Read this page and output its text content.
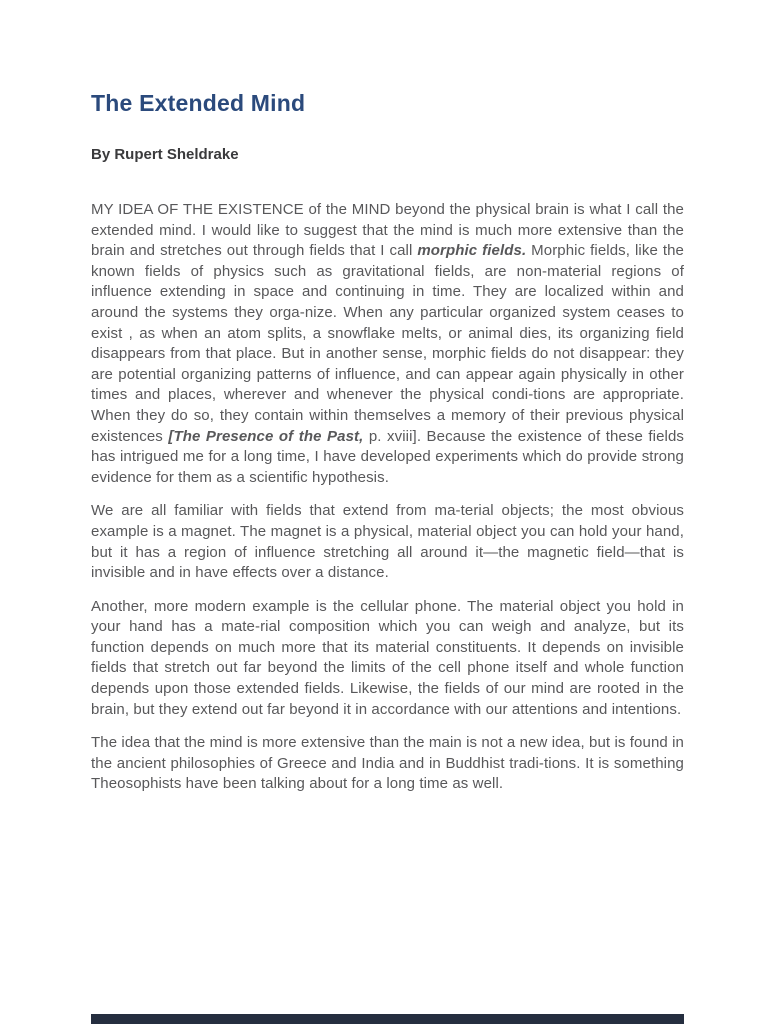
The Extended Mind
By Rupert Sheldrake

MY IDEA OF THE EXISTENCE of the MIND beyond the physical brain is what I call the extended mind. I would like to suggest that the mind is much more extensive than the brain and stretches out through fields that I call morphic fields. Morphic fields, like the known fields of physics such as gravitational fields, are non-material regions of influence extending in space and continuing in time. They are localized within and around the systems they orga-nize. When any particular organized system ceases to exist , as when an atom splits, a snowflake melts, or animal dies, its organizing field disappears from that place. But in another sense, morphic fields do not disappear: they are potential organizing patterns of influence, and can appear again physically in other times and places, wherever and whenever the physical condi-tions are appropriate. When they do so, they contain within themselves a memory of their previous physical existences [The Presence of the Past, p. xviii]. Because the existence of these fields has intrigued me for a long time, I have developed experiments which do provide strong evidence for them as a scientific hypothesis.

We are all familiar with fields that extend from ma-terial objects; the most obvious example is a magnet. The magnet is a physical, material object you can hold your hand, but it has a region of influence stretching all around it—the magnetic field—that is invisible and in have effects over a distance.

Another, more modern example is the cellular phone. The material object you hold in your hand has a mate-rial composition which you can weigh and analyze, but its function depends on much more that its material constituents. It depends on invisible fields that stretch out far beyond the limits of the cell phone itself and whole function depends upon those extended fields. Likewise, the fields of our mind are rooted in the brain, but they extend out far beyond it in accordance with our attentions and intentions.

The idea that the mind is more extensive than the main is not a new idea, but is found in the ancient philosophies of Greece and India and in Buddhist tradi-tions. It is something Theosophists have been talking about for a long time as well.
